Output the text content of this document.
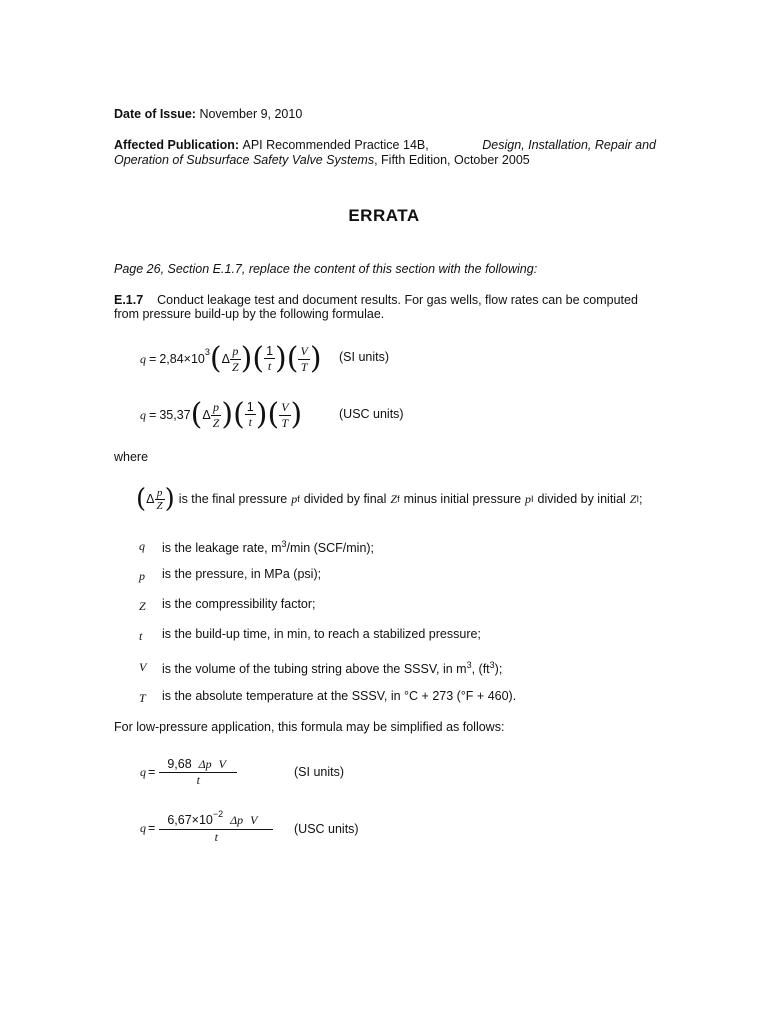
Date of Issue: November 9, 2010
Affected Publication: API Recommended Practice 14B,	Design, Installation, Repair and
Operation of Subsurface Safety Valve Systems, Fifth Edition, October 2005
ERRATA
Page 26, Section E.1.7, replace the content of this section with the following:
E.1.7 Conduct leakage test and document results. For gas wells, flow rates can be computed
from pressure build-up by the following formulae.
$q = 2,84 \times 10^3$ ( Δ $\frac{p}{Z}$ ) ( $\frac{1}{t}$ ) ( $\frac{V}{T}$ ) (SI units)
q = 35,37 ( Δ $\frac{p}{Z}$ ) ( $\frac{1}{t}$ ) ( $\frac{V}{T}$ )	(USC units)
where
( Δ $\frac{p}{Z}$ ) is the final pressure p f divided by final Z f minus initial pressure p I divided by initial Z I ;
q is the leakage rate, $m^3/\min$ (SCF/min);
p is the pressure, in MPa (psi);
Z is the compressibility factor;
t is the build-up time, in min, to reach a stabilized pressure;
V is the volume of the tubing string above the SSSV, in $m^3$, $(ft^3)$;
T is the absolute temperature at the SSSV, in °C + 273 (°F + 460).
For low-pressure application, this formula may be simplified as follows:
$q = \frac{\text{9,68 Δp V}}{t}$	(SI units)
$q = \frac{6,67\times 10^{-2} \Delta p V}{t} (USC$ units)
